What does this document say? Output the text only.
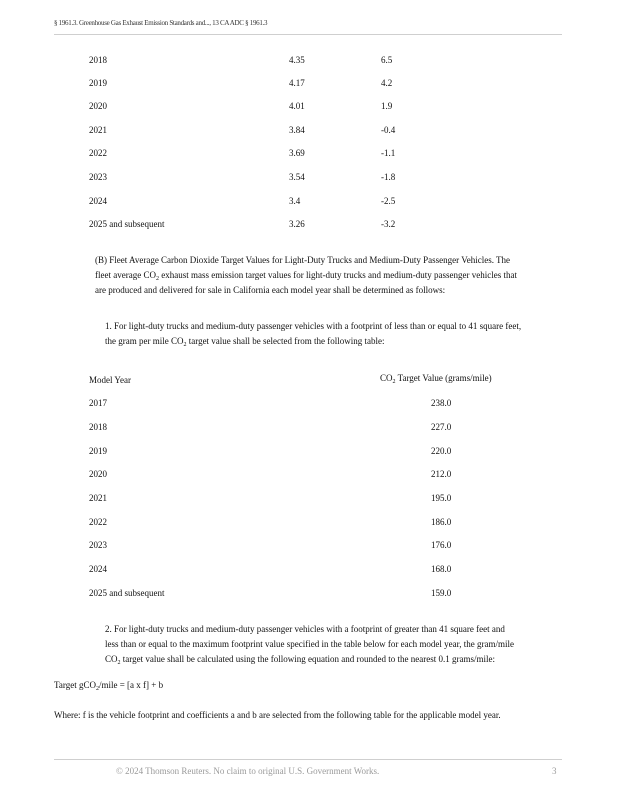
§ 1961.3. Greenhouse Gas Exhaust Emission Standards and..., 13 CA ADC § 1961.3
2018	4.35	6.5
2019	4.17	4.2
2020	4.01	1.9
2021	3.84	-0.4
2022	3.69	-1.1
2023	3.54	-1.8
2024	3.4	-2.5
2025 and subsequent	3.26	-3.2
(B) Fleet Average Carbon Dioxide Target Values for Light-Duty Trucks and Medium-Duty Passenger Vehicles. The
fleet average $CO_2$ exhaust mass emission target values for light-duty trucks and medium-duty passenger vehicles that
are produced and delivered for sale in California each model year shall be determined as follows:
1. For light-duty trucks and medium-duty passenger vehicles with a footprint of less than or equal to 41 square feet,
the gram per mile $CO_2$ target value shall be selected from the following table:
Model Year	$CO_2$ Target Value (grams/mile)
2017	238.0
2018	227.0
2019	220.0
2020	212.0
2021	195.0
2022	186.0
2023	176.0
2024	168.0
2025 and subsequent	159.0
2. For light-duty trucks and medium-duty passenger vehicles with a footprint of greater than 41 square feet and
less than or equal to the maximum footprint value specified in the table below for each model year, the gram/mile
$CO_2$ target value shall be calculated using the following equation and rounded to the nearest 0.1 grams/mile:
Target gCO$_2$/mile = [a x f] + b
Where: f is the vehicle footprint and coefficients a and b are selected from the following table for the applicable model year.
© 2024 Thomson Reuters. No claim to original U.S. Government Works.	3
